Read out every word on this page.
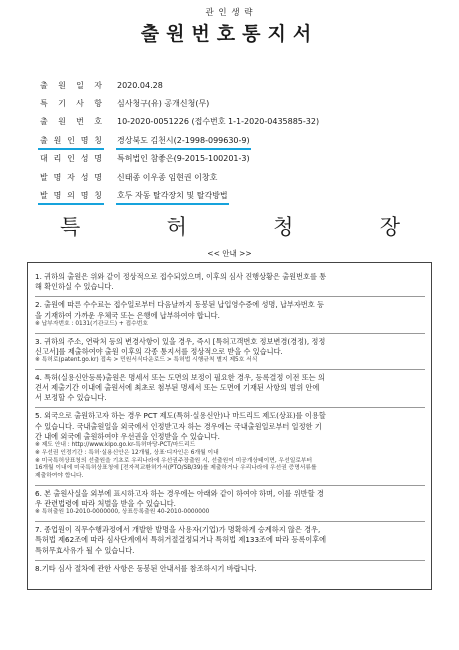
관 인 생 략
출원번호통지서
출 원 일 자 2020.04.28
특 기 사 항 심사청구(유) 공개신청(무)
출 원 번 호 10-2020-0051226 (접수번호 1-1-2020-0435885-32)
출 원 인 명 칭 경상북도 김천시(2-1998-099630-9)
대 리 인 성 명 특허법인 참좋은(9-2015-100201-3)
발 명 자 성 명 신태종 이우종 임현권 이창호
발 명 의 명 칭 호두 자동 탈각장치 및 탈각방법
특	허	청	장
<< 안내 >>
1. 귀하의 출원은 위와 같이 정상적으로 접수되었으며, 이후의 심사 진행상황은 출원번호를 통
해 확인하실 수 있습니다.
2. 출원에 따른 수수료는 접수일로부터 다음날까지 동봉된 납입영수증에 성명, 납부자번호 등
을 기재하여 가까운 우체국 또는 은행에 납부하여야 합니다.
※ 납부자번호 : 0131(기관코드) + 접수번호
3. 귀하의 주소, 연락처 등의 변경사항이 있을 경우, 즉시 [특허고객번호 정보변경(경정), 정정
신고서]를 제출하여야 출원 이후의 각종 통지서를 정상적으로 받을 수 있습니다.
※ 특허로(patent.go.kr) 접속 > 민원서식다운로드 > 특허법 시행규칙 별지 제5호 서식
4. 특허(실용신안등록)출원은 명세서 또는 도면의 보정이 필요한 경우, 등록결정 이전 또는 의
견서 제출기간 이내에 출원서에 최초로 첨부된 명세서 또는 도면에 기재된 사항의 범위 안에
서 보정할 수 있습니다.
5. 외국으로 출원하고자 하는 경우 PCT 제도(특허·실용신안)나 마드리드 제도(상표)를 이용할
수 있습니다. 국내출원일을 외국에서 인정받고자 하는 경우에는 국내출원일로부터 일정한 기
간 내에 외국에 출원하여야 우선권을 인정받을 수 있습니다.
※ 제도 안내 : http://www.kipo.go.kr-특허마당-PCT/마드리드
※ 우선권 인정기간 : 특허·실용신안은 12개월, 상표·디자인은 6개월 이내
※ 미국특허상표청의 선출원을 기초로 우리나라에 우선권주장출원 시, 선출원이 미공개상태이면, 우선일로부터
16개월 이내에 미국특허상표청에 [전자적교환허가서(PTO/SB/39)를 제출하거나 우리나라에 우선권 증명서류를
제출하여야 합니다.
6. 본 출원사실을 외부에 표시하고자 하는 경우에는 아래와 같이 하여야 하며, 이를 위반할 경
우 관련법령에 따라 처벌을 받을 수 있습니다.
※ 특허출원 10-2010-0000000, 상표등록출원 40-2010-0000000
7. 종업원이 직무수행과정에서 개발한 발명을 사용자(기업)가 명확하게 승계하지 않은 경우,
특허법 제62조에 따라 심사단계에서 특허거절결정되거나 특허법 제133조에 따라 등록이후에
특허무효사유가 될 수 있습니다.
8.기타 심사 절차에 관한 사항은 동봉된 안내서를 참조하시기 바랍니다.
